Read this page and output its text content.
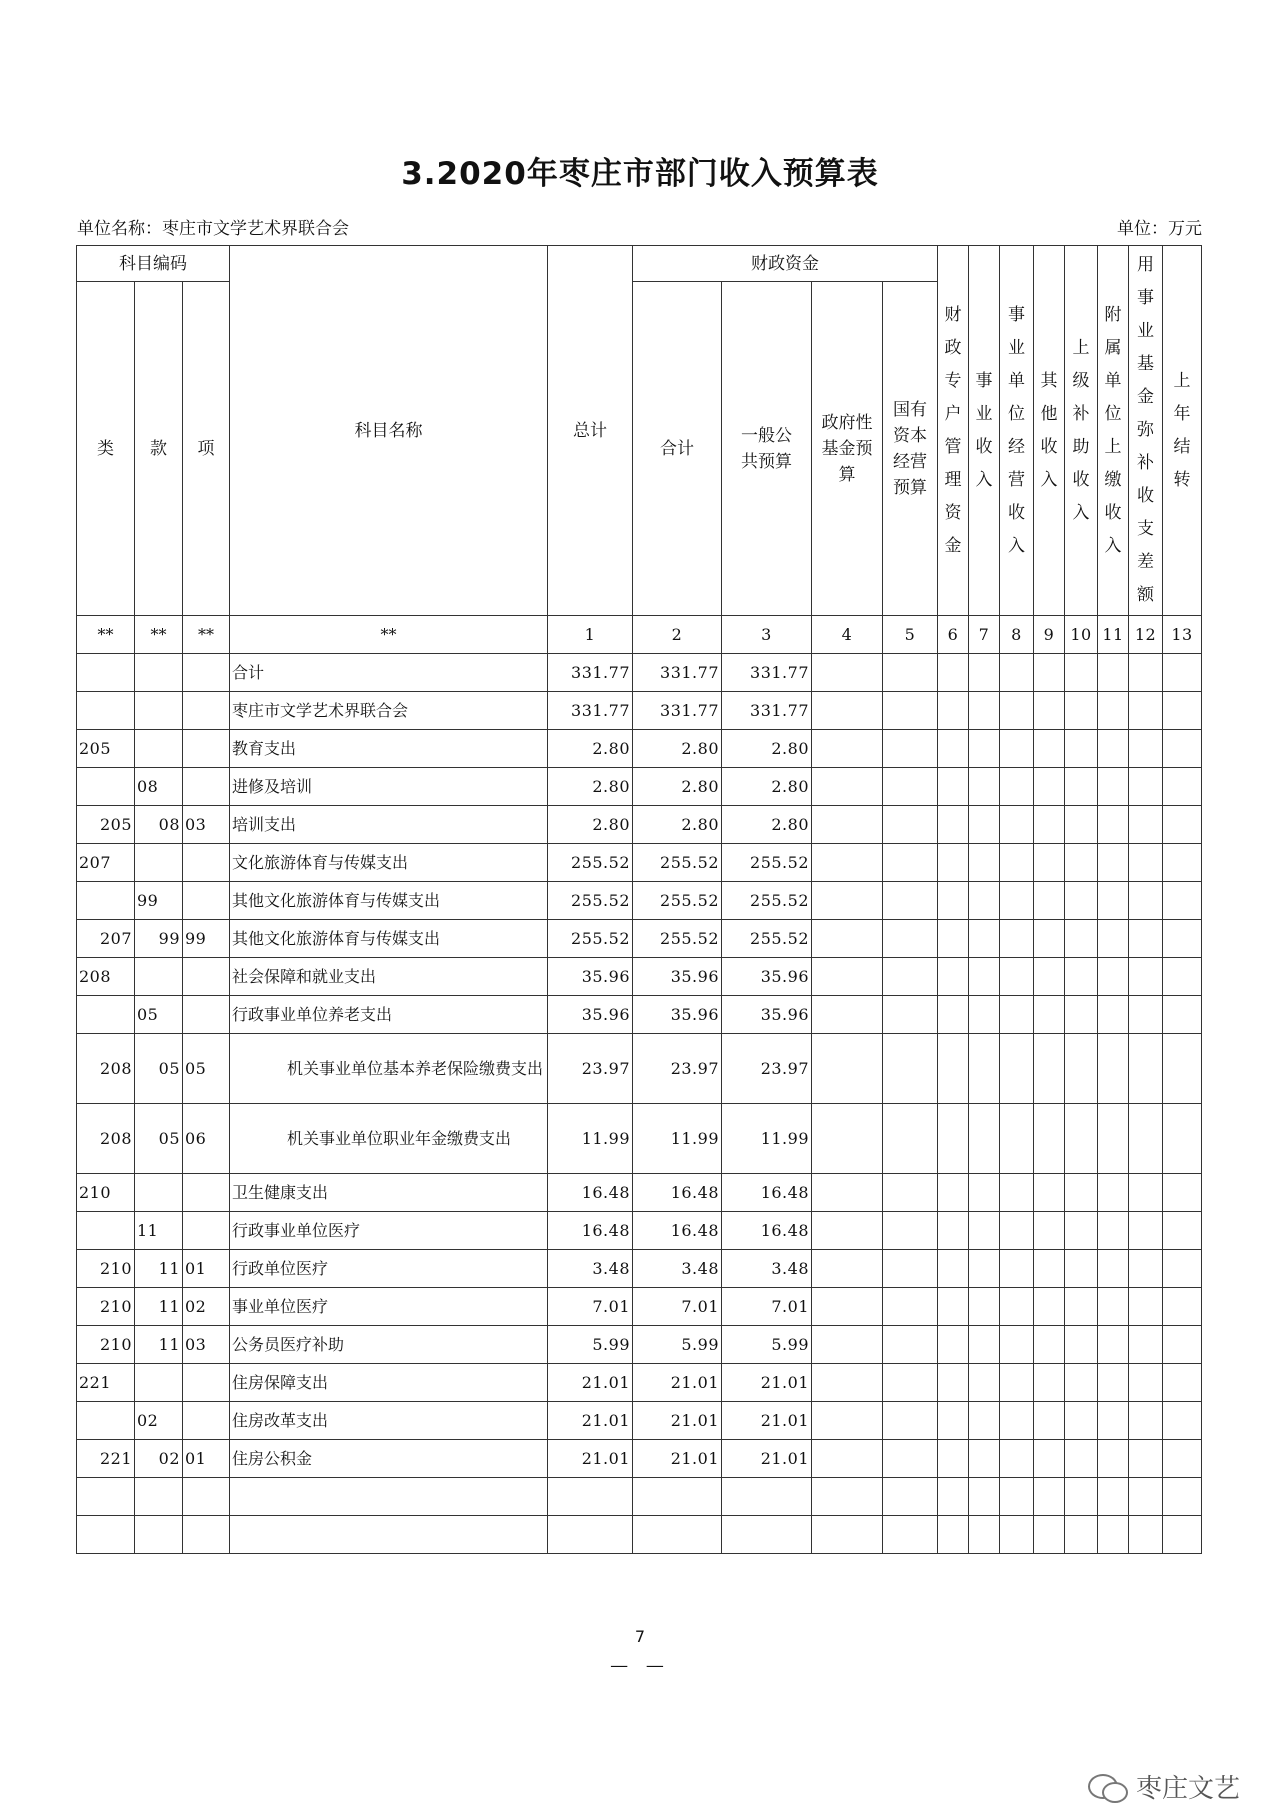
3.2020年枣庄市部门收入预算表
单位名称：枣庄市文学艺术界联合会	单位：万元
科目编码			科目名称	总计	财政资金				财政专户管理资金	事业收入	事业单位经营收入	其他收入	上级补助收入	附属单位上缴收入	用事业基金弥补收支差额	上年结转
类	款	项			合计	一般公共预算	政府性基金预算	国有资本经营预算								
**	**	**	**	1	2	3	4	5	6	7	8	9	10	11	12	13
			合计	331.77	331.77	331.77										
			枣庄市文学艺术界联合会	331.77	331.77	331.77										
205			教育支出	2.80	2.80	2.80										
	08		进修及培训	2.80	2.80	2.80										
205	08	03	培训支出	2.80	2.80	2.80										
207			文化旅游体育与传媒支出	255.52	255.52	255.52										
	99		其他文化旅游体育与传媒支出	255.52	255.52	255.52										
207	99	99	其他文化旅游体育与传媒支出	255.52	255.52	255.52										
208			社会保障和就业支出	35.96	35.96	35.96										
	05		行政事业单位养老支出	35.96	35.96	35.96										
208	05	05	机关事业单位基本养老保险缴费支出	23.97	23.97	23.97										
208	05	06	机关事业单位职业年金缴费支出	11.99	11.99	11.99										
210			卫生健康支出	16.48	16.48	16.48										
	11		行政事业单位医疗	16.48	16.48	16.48										
210	11	01	行政单位医疗	3.48	3.48	3.48										
210	11	02	事业单位医疗	7.01	7.01	7.01										
210	11	03	公务员医疗补助	5.99	5.99	5.99										
221			住房保障支出	21.01	21.01	21.01										
	02		住房改革支出	21.01	21.01	21.01										
221	02	01	住房公积金	21.01	21.01	21.01										

7
— —
枣庄文艺
